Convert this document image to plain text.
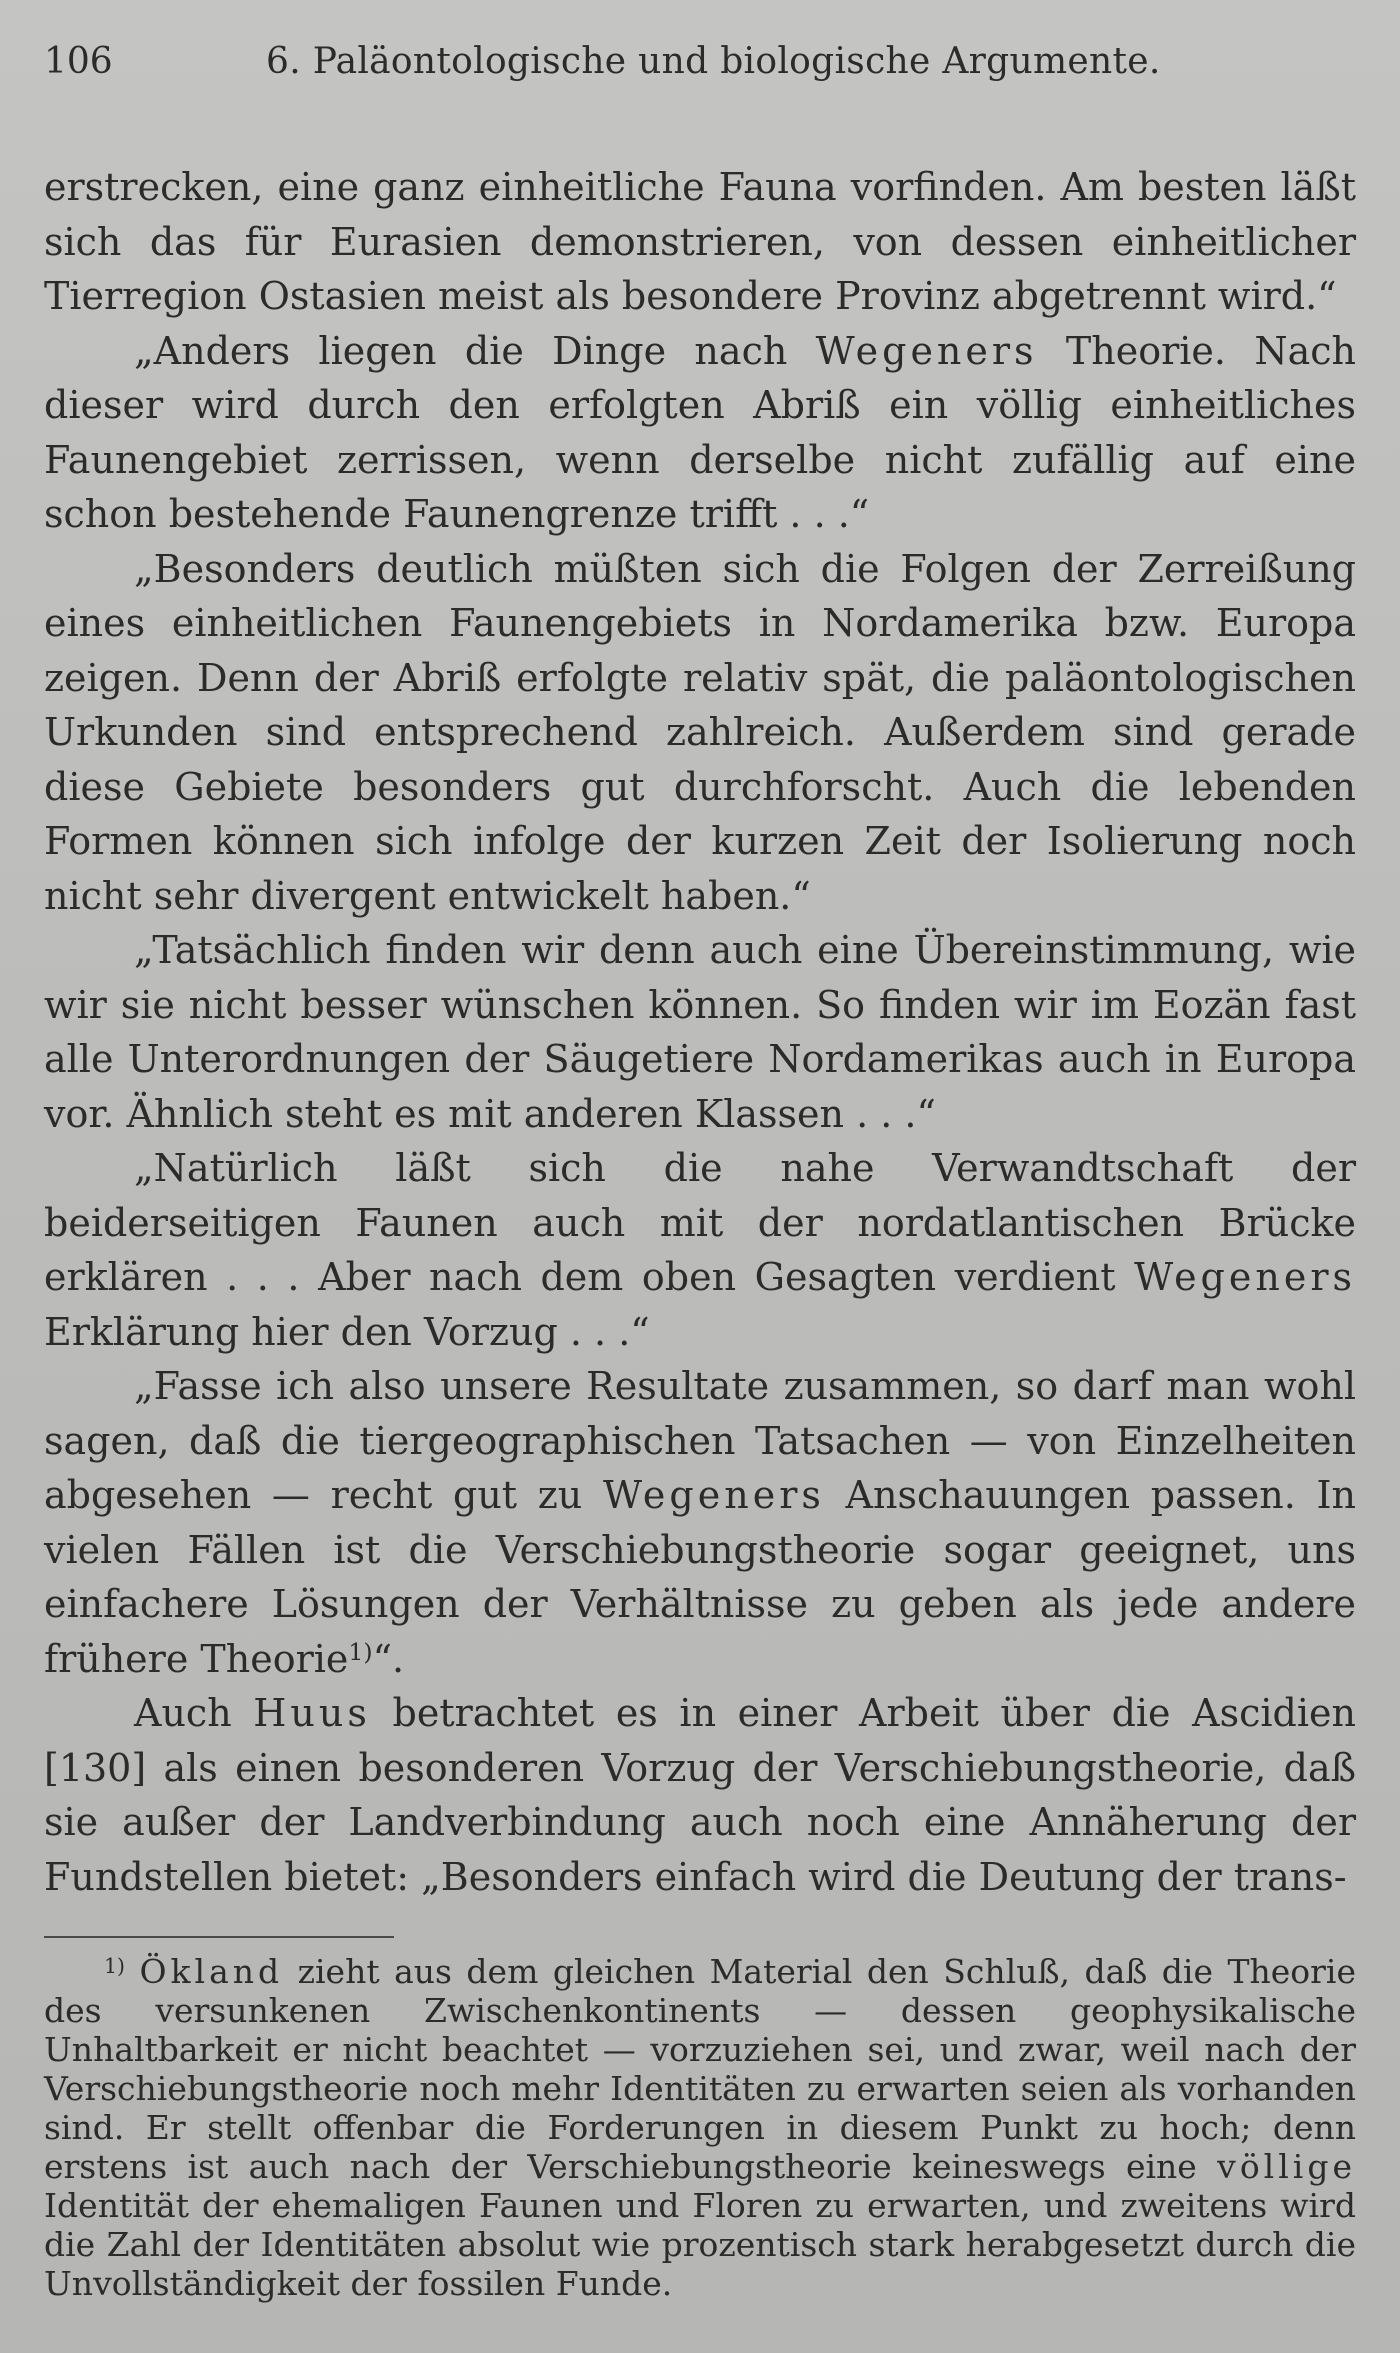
106	6. Paläontologische und biologische Argumente.

erstrecken, eine ganz einheitliche Fauna vorfinden. Am besten läßt sich das für Eurasien demonstrieren, von dessen einheitlicher Tierregion Ostasien meist als besondere Provinz abgetrennt wird.“

„Anders liegen die Dinge nach Wegeners Theorie. Nach dieser wird durch den erfolgten Abriß ein völlig einheitliches Faunengebiet zerrissen, wenn derselbe nicht zufällig auf eine schon bestehende Faunengrenze trifft . . .“

„Besonders deutlich müßten sich die Folgen der Zerreißung eines einheitlichen Faunengebiets in Nordamerika bzw. Europa zeigen. Denn der Abriß erfolgte relativ spät, die paläontologischen Urkunden sind entsprechend zahlreich. Außerdem sind gerade diese Gebiete besonders gut durchforscht. Auch die lebenden Formen können sich infolge der kurzen Zeit der Isolierung noch nicht sehr divergent entwickelt haben.“

„Tatsächlich finden wir denn auch eine Übereinstimmung, wie wir sie nicht besser wünschen können. So finden wir im Eozän fast alle Unterordnungen der Säugetiere Nordamerikas auch in Europa vor. Ähnlich steht es mit anderen Klassen . . .“

„Natürlich läßt sich die nahe Verwandtschaft der beiderseitigen Faunen auch mit der nordatlantischen Brücke erklären . . . Aber nach dem oben Gesagten verdient Wegeners Erklärung hier den Vorzug . . .“

„Fasse ich also unsere Resultate zusammen, so darf man wohl sagen, daß die tiergeographischen Tatsachen — von Einzelheiten abgesehen — recht gut zu Wegeners Anschauungen passen. In vielen Fällen ist die Verschiebungstheorie sogar geeignet, uns einfachere Lösungen der Verhältnisse zu geben als jede andere frühere Theorie$^{1)}$“.

Auch Huus betrachtet es in einer Arbeit über die Ascidien [130] als einen besonderen Vorzug der Verschiebungstheorie, daß sie außer der Landverbindung auch noch eine Annäherung der Fundstellen bietet: „Besonders einfach wird die Deutung der trans-

$^{1)}$ Ökland zieht aus dem gleichen Material den Schluß, daß die Theorie des versunkenen Zwischenkontinents — dessen geophysikalische Unhaltbarkeit er nicht beachtet — vorzuziehen sei, und zwar, weil nach der Verschiebungstheorie noch mehr Identitäten zu erwarten seien als vorhanden sind. Er stellt offenbar die Forderungen in diesem Punkt zu hoch; denn erstens ist auch nach der Verschiebungstheorie keineswegs eine völlige Identität der ehemaligen Faunen und Floren zu erwarten, und zweitens wird die Zahl der Identitäten absolut wie prozentisch stark herabgesetzt durch die Unvollständigkeit der fossilen Funde.
